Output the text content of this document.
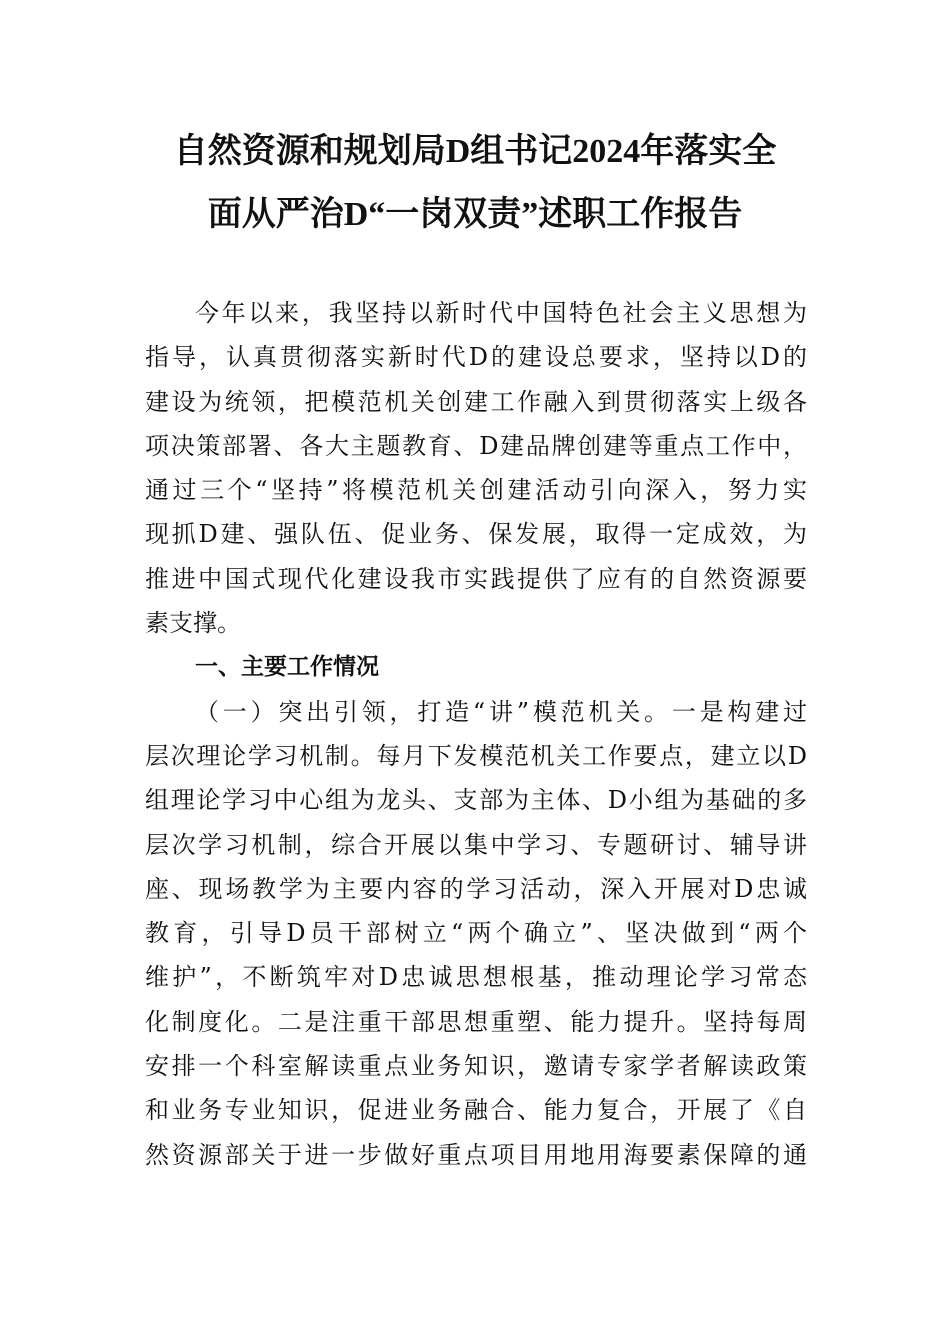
自然资源和规划局D组书记2024年落实全
面从严治D“一岗双责”述职工作报告
今年以来，我坚持以新时代中国特色社会主义思想为
指导，认真贯彻落实新时代D的建设总要求，坚持以D的
建设为统领，把模范机关创建工作融入到贯彻落实上级各
项决策部署、各大主题教育、D建品牌创建等重点工作中，
通过三个“坚持”将模范机关创建活动引向深入，努力实
现抓D建、强队伍、促业务、保发展，取得一定成效，为
推进中国式现代化建设我市实践提供了应有的自然资源要
素支撑。
一、主要工作情况
（一）突出引领，打造“讲”模范机关。一是构建过
层次理论学习机制。每月下发模范机关工作要点，建立以D
组理论学习中心组为龙头、支部为主体、D小组为基础的多
层次学习机制，综合开展以集中学习、专题研讨、辅导讲
座、现场教学为主要内容的学习活动，深入开展对D忠诚
教育，引导D员干部树立“两个确立”、坚决做到“两个
维护”，不断筑牢对D忠诚思想根基，推动理论学习常态
化制度化。二是注重干部思想重塑、能力提升。坚持每周
安排一个科室解读重点业务知识，邀请专家学者解读政策
和业务专业知识，促进业务融合、能力复合，开展了《自
然资源部关于进一步做好重点项目用地用海要素保障的通
